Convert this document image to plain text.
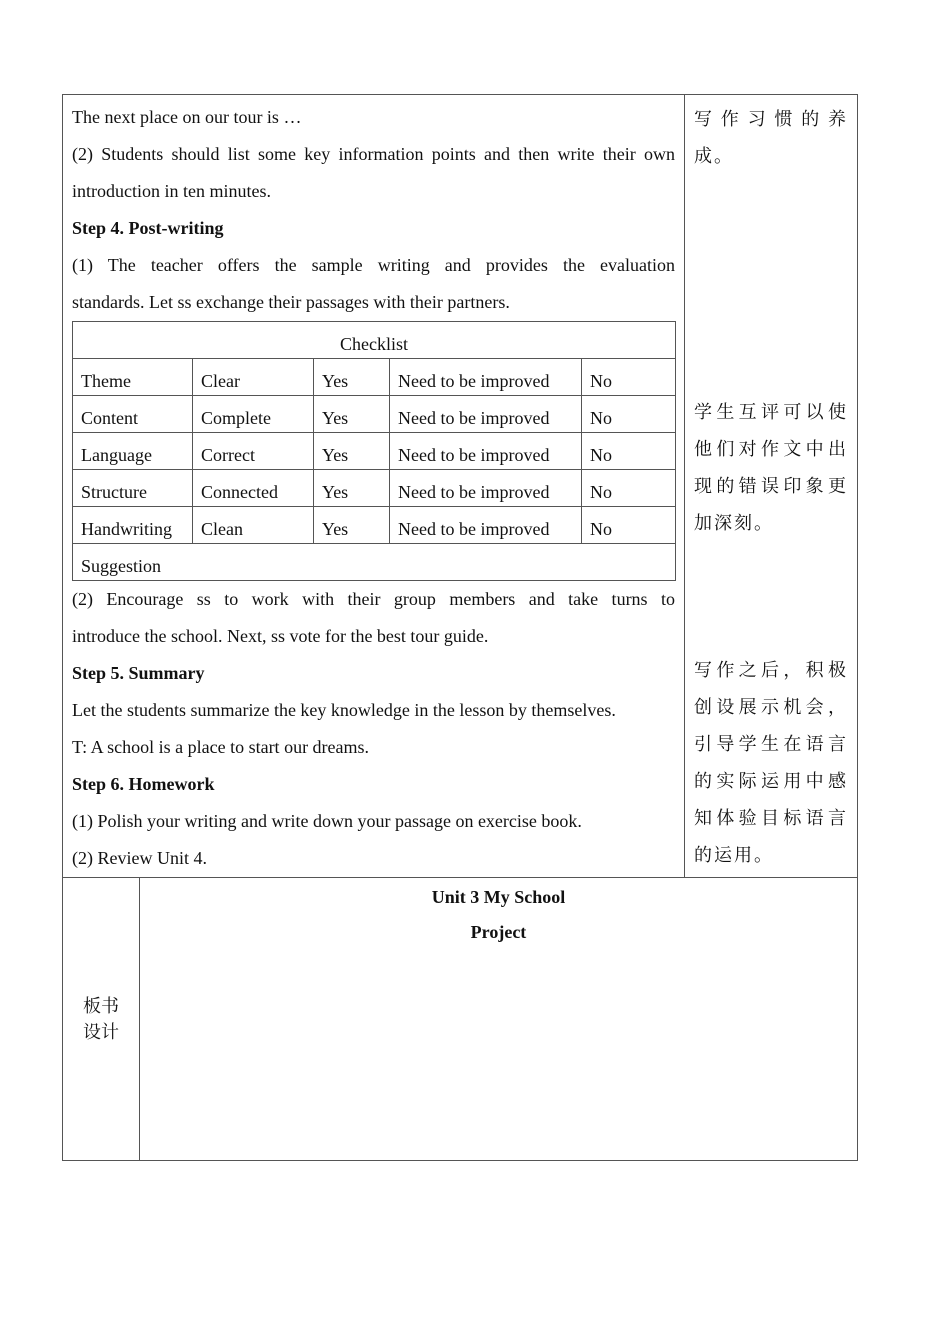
The next place on our tour is …

(2) Students should list some key information points and then write their own

introduction in ten minutes.

Step 4. Post-writing

(1) The teacher offers the sample writing and provides the evaluation

standards. Let ss exchange their passages with their partners.

Checklist
Theme	Clear	Yes	Need to be improved	No
Content	Complete	Yes	Need to be improved	No
Language	Correct	Yes	Need to be improved	No
Structure	Connected	Yes	Need to be improved	No
Handwriting	Clean	Yes	Need to be improved	No
Suggestion

(2) Encourage ss to work with their group members and take turns to

introduce the school. Next, ss vote for the best tour guide.

Step 5. Summary

Let the students summarize the key knowledge in the lesson by themselves.

T: A school is a place to start our dreams.

Step 6. Homework

(1) Polish your writing and write down your passage on exercise book.

(2) Review Unit 4.

写作习惯的养成。
学生互评可以使他们对作文中出现的错误印象更加深刻。
写作之后，积极创设展示机会，引导学生在语言的实际运用中感知体验目标语言的运用。

板书设计

Unit 3 My School
Project
